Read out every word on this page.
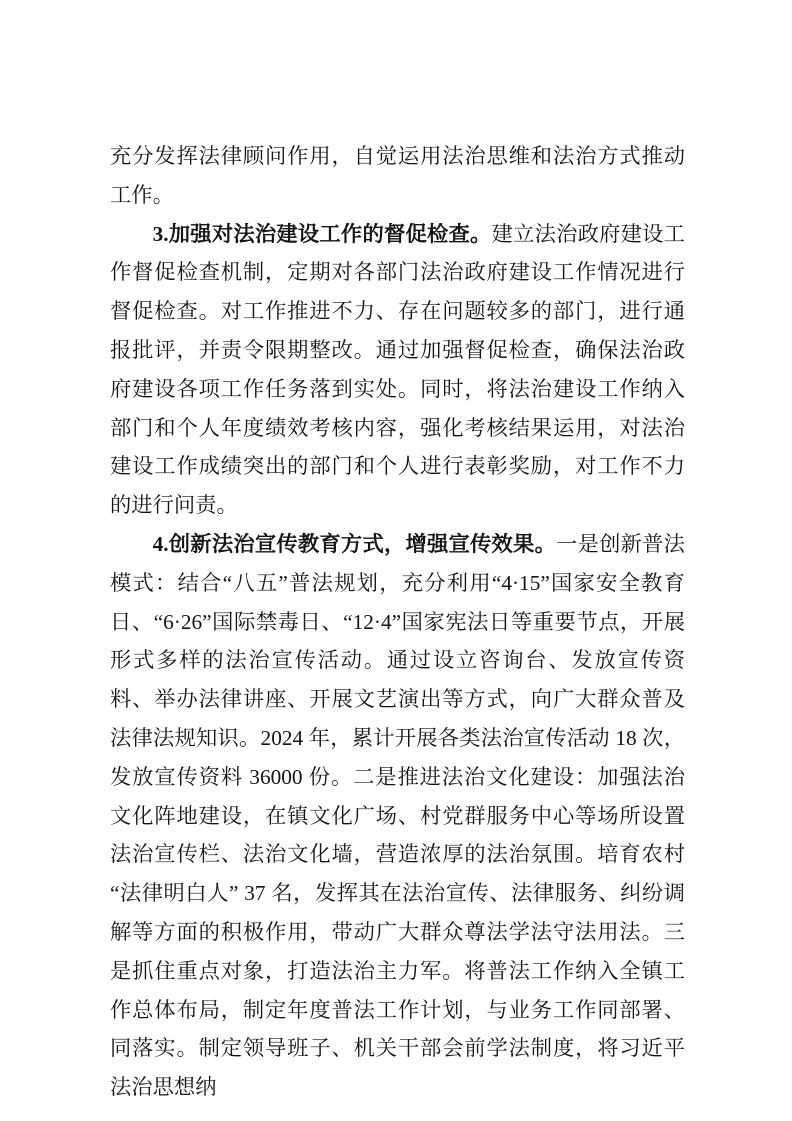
充分发挥法律顾问作用，自觉运用法治思维和法治方式推动工作。

3.加强对法治建设工作的督促检查。建立法治政府建设工作督促检查机制，定期对各部门法治政府建设工作情况进行督促检查。对工作推进不力、存在问题较多的部门，进行通报批评，并责令限期整改。通过加强督促检查，确保法治政府建设各项工作任务落到实处。同时，将法治建设工作纳入部门和个人年度绩效考核内容，强化考核结果运用，对法治建设工作成绩突出的部门和个人进行表彰奖励，对工作不力的进行问责。

4.创新法治宣传教育方式，增强宣传效果。一是创新普法模式：结合“八五”普法规划，充分利用“4·15”国家安全教育日、“6·26”国际禁毒日、“12·4”国家宪法日等重要节点，开展形式多样的法治宣传活动。通过设立咨询台、发放宣传资料、举办法律讲座、开展文艺演出等方式，向广大群众普及法律法规知识。2024 年，累计开展各类法治宣传活动 18 次，发放宣传资料 36000 份。二是推进法治文化建设：加强法治文化阵地建设，在镇文化广场、村党群服务中心等场所设置法治宣传栏、法治文化墙，营造浓厚的法治氛围。培育农村“法律明白人” 37 名，发挥其在法治宣传、法律服务、纠纷调解等方面的积极作用，带动广大群众尊法学法守法用法。三是抓住重点对象，打造法治主力军。将普法工作纳入全镇工作总体布局，制定年度普法工作计划，与业务工作同部署、同落实。制定领导班子、机关干部会前学法制度，将习近平法治思想纳
